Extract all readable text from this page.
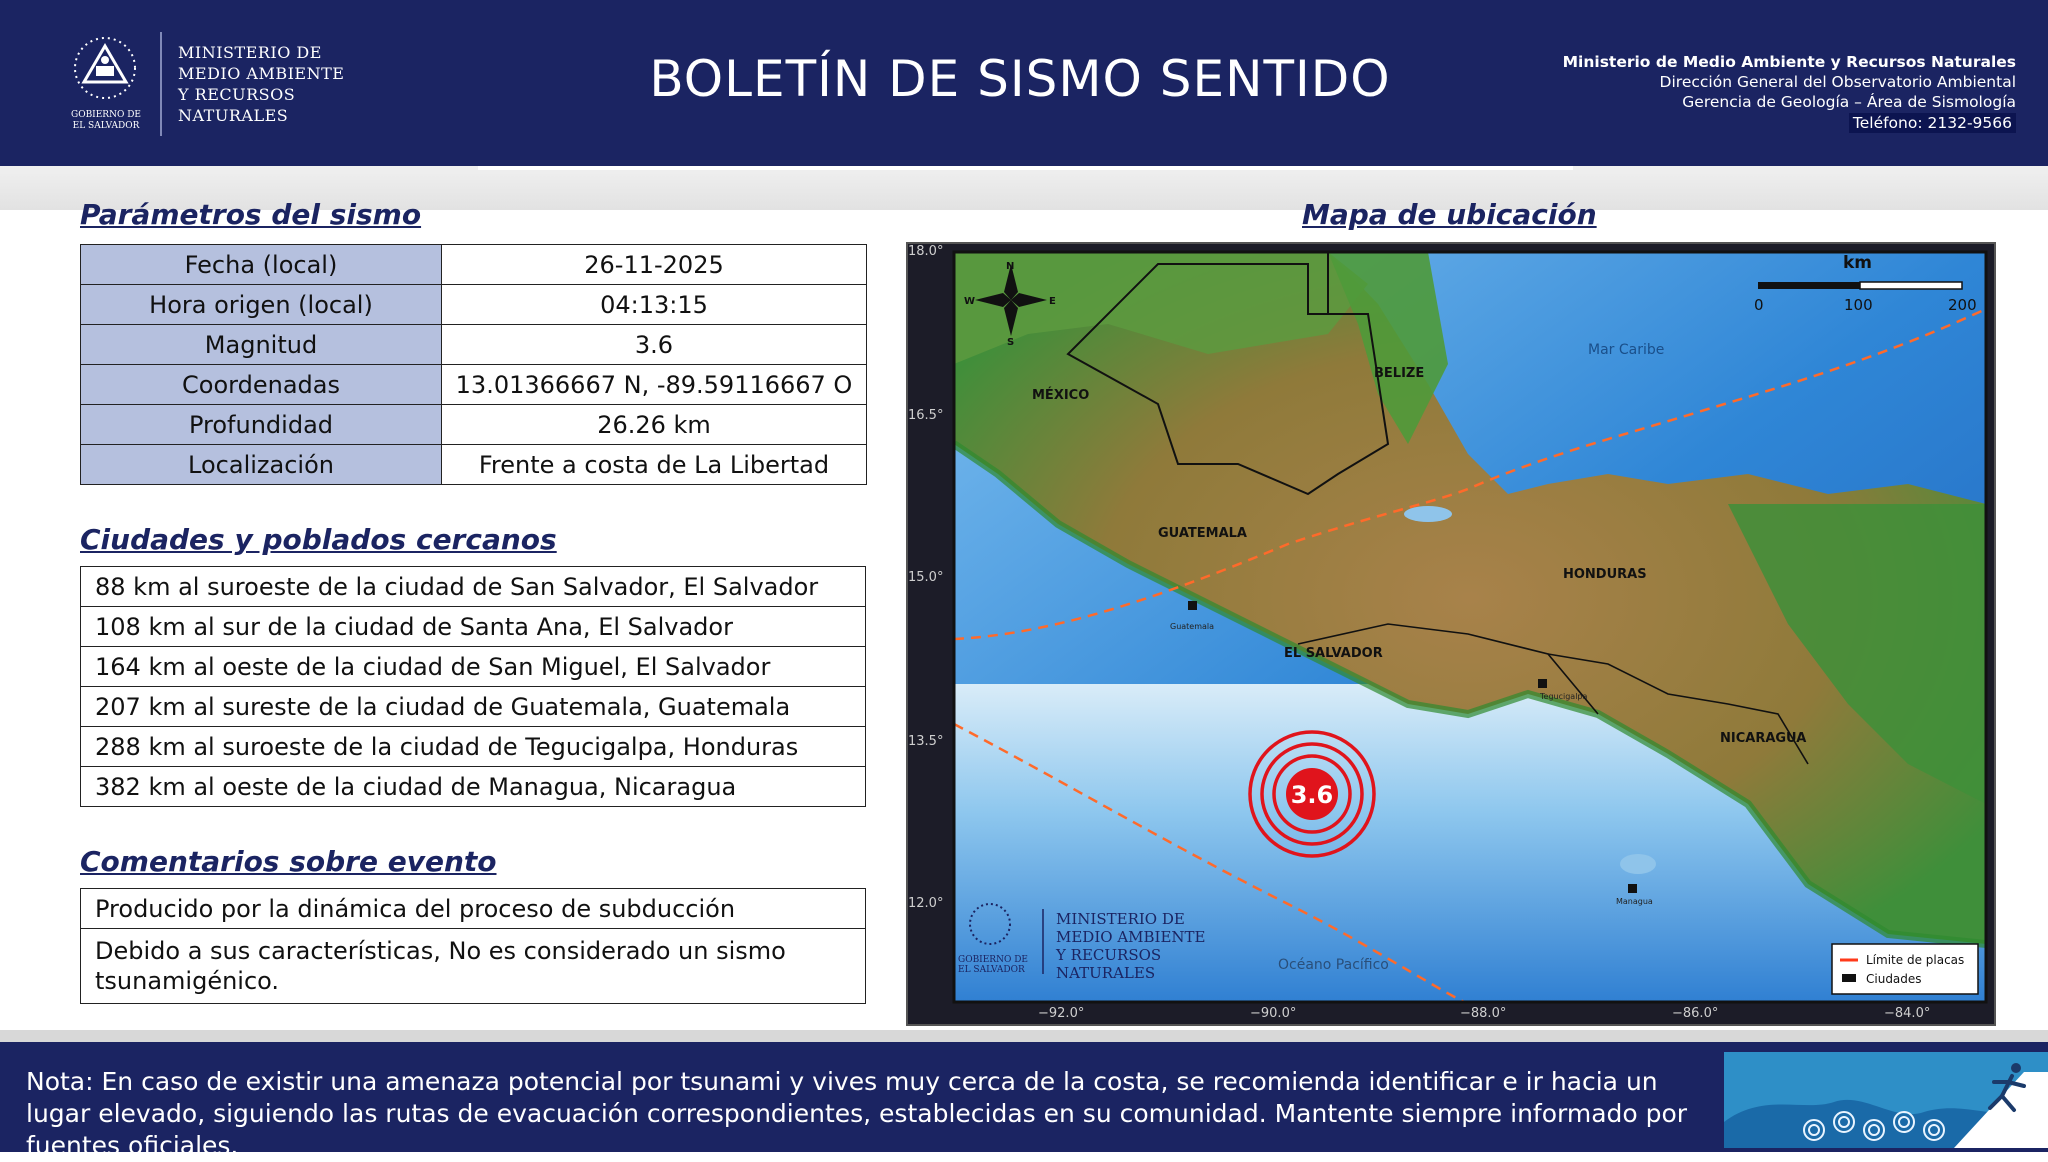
GOBIERNO DE
EL SALVADOR
MINISTERIO DE
MEDIO AMBIENTE
Y RECURSOS
NATURALES
BOLETÍN DE SISMO SENTIDO	Ministerio de Medio Ambiente y Recursos Naturales
Dirección General del Observatorio Ambiental
Gerencia de Geología – Área de Sismología
Teléfono: 2132-9566
Parámetros del sismo
Fecha (local)	26-11-2025
Hora origen (local)	04:13:15
Magnitud	3.6
Coordenadas	13.01366667 N, -89.59116667 O
Profundidad	26.26 km
Localización	Frente a costa de La Libertad
Ciudades y poblados cercanos
88 km al suroeste de la ciudad de San Salvador, El Salvador
108 km al sur de la ciudad de Santa Ana, El Salvador
164 km al oeste de la ciudad de San Miguel, El Salvador
207 km al sureste de la ciudad de Guatemala, Guatemala
288 km al suroeste de la ciudad de Tegucigalpa, Honduras
382 km al oeste de la ciudad de Managua, Nicaragua
Comentarios sobre evento
Producido por la dinámica del proceso de subducción
Debido a sus características, No es considerado un sismo tsunamigénico.
Mapa de ubicación
MÉXICO
BELIZE
GUATEMALA
HONDURAS
EL SALVADOR
NICARAGUA
Mar Caribe
Océano Pacífico
Guatemala
Tegucigalpa
Managua
N
S
E
W
km
0	100	200
3.6
GOBIERNO DE
EL SALVADOR
MINISTERIO DE
MEDIO AMBIENTE
Y RECURSOS
NATURALES
Límite de placas
Ciudades
18.0°
16.5°
15.0°
13.5°
12.0°
−92.0°	−90.0°	−88.0°	−86.0°	−84.0°
Nota: En caso de existir una amenaza potencial por tsunami y vives muy cerca de la costa, se recomienda identificar e ir hacia un lugar elevado, siguiendo las rutas de evacuación correspondientes, establecidas en su comunidad. Mantente siempre informado por fuentes oficiales.
